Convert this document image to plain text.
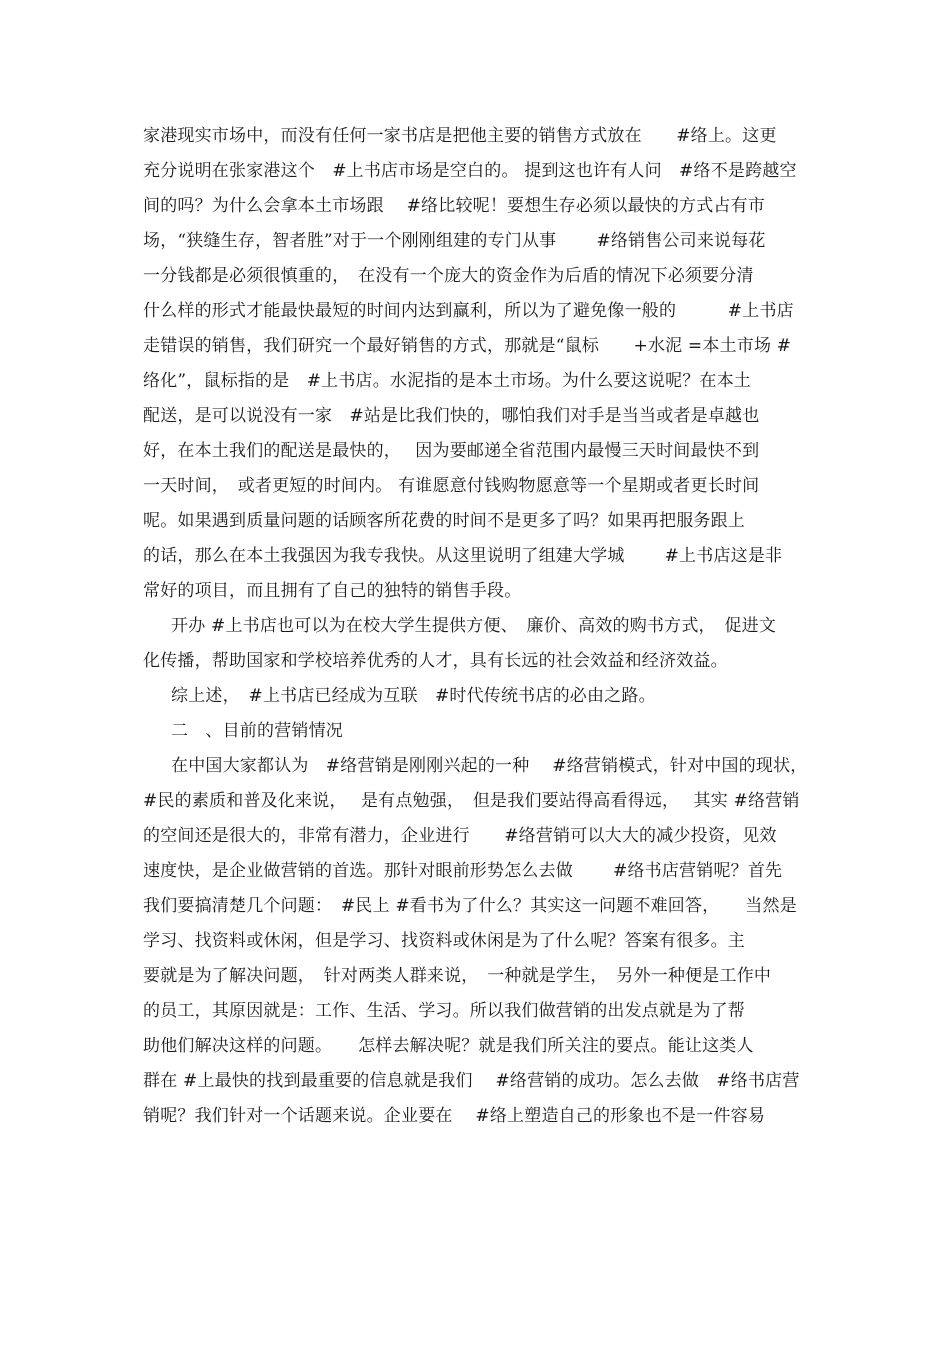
家港现实市场中，而没有任何一家书店是把他主要的销售方式放在　　#络上。这更
充分说明在张家港这个　#上书店市场是空白的。 提到这也许有人问　#络不是跨越空
间的吗？为什么会拿本土市场跟　 #络比较呢！要想生存必须以最快的方式占有市
场，“狭缝生存，智者胜”对于一个刚刚组建的专门从事　　 #络销售公司来说每花
一分钱都是必须很慎重的，　在没有一个庞大的资金作为后盾的情况下必须要分清
什么样的形式才能最快最短的时间内达到赢利，所以为了避免像一般的　　　#上书店
走错误的销售，我们研究一个最好销售的方式，那就是“鼠标　　+水泥 =本土市场 #
络化”，鼠标指的是　#上书店。水泥指的是本土市场。为什么要这说呢？在本土
配送，是可以说没有一家　#站是比我们快的，哪怕我们对手是当当或者是卓越也
好，在本土我们的配送是最快的，　 因为要邮递全省范围内最慢三天时间最快不到
一天时间，　或者更短的时间内。 有谁愿意付钱购物愿意等一个星期或者更长时间
呢。如果遇到质量问题的话顾客所花费的时间不是更多了吗？如果再把服务跟上
的话，那么在本土我强因为我专我快。从这里说明了组建大学城　　 #上书店这是非
常好的项目，而且拥有了自己的独特的销售手段。
开办 #上书店也可以为在校大学生提供方便、　廉价、高效的购书方式，　促进文
化传播，帮助国家和学校培养优秀的人才，具有长远的社会效益和经济效益。
综上述，　#上书店已经成为互联　#时代传统书店的必由之路。
二　、目前的营销情况
在中国大家都认为　#络营销是刚刚兴起的一种　 #络营销模式，针对中国的现状，
#民的素质和普及化来说，　 是有点勉强，　但是我们要站得高看得远，　 其实 #络营销
的空间还是很大的，非常有潜力，企业进行　　#络营销可以大大的减少投资，见效
速度快，是企业做营销的首选。那针对眼前形势怎么去做　　 #络书店营销呢？首先
我们要搞清楚几个问题：　#民上 #看书为了什么？其实这一问题不难回答，　　当然是
学习、找资料或休闲，但是学习、找资料或休闲是为了什么呢？答案有很多。主
要就是为了解决问题，　针对两类人群来说，　一种就是学生，　另外一种便是工作中
的员工，其原因就是：工作、生活、学习。所以我们做营销的出发点就是为了帮
助他们解决这样的问题。　　怎样去解决呢？就是我们所关注的要点。能让这类人
群在 #上最快的找到最重要的信息就是我们　 #络营销的成功。怎么去做　#络书店营
销呢？我们针对一个话题来说。企业要在　 #络上塑造自己的形象也不是一件容易
